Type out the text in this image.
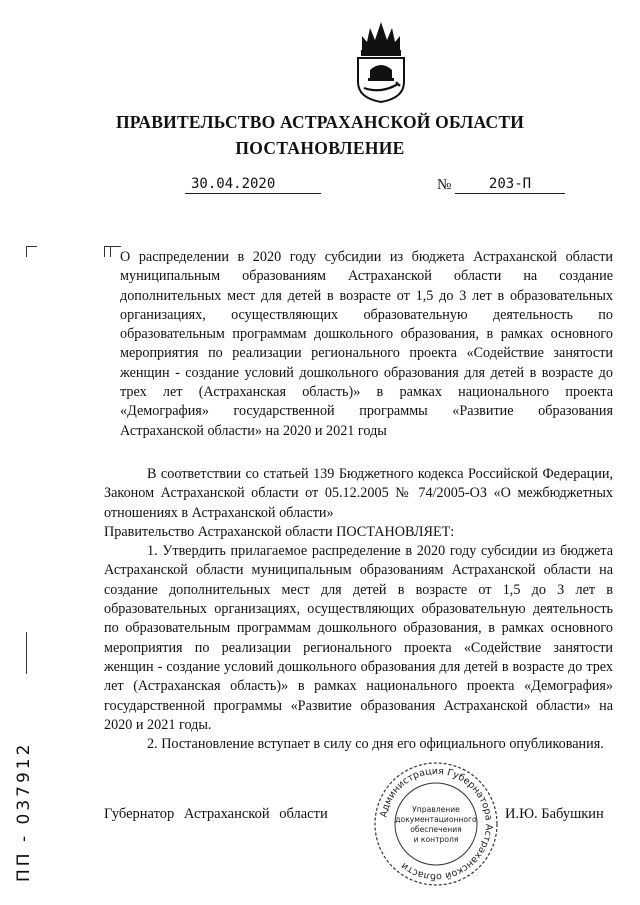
ПРАВИТЕЛЬСТВО АСТРАХАНСКОЙ ОБЛАСТИ
ПОСТАНОВЛЕНИЕ
30.04.2020	№	203-П
О распределении в 2020 году субсидии из бюджета Астраханской области муниципальным образованиям Астраханской области на создание дополнительных мест для детей в возрасте от 1,5 до 3 лет в образовательных организациях, осуществляющих образовательную деятельность по образовательным программам дошкольного образования, в рамках основного мероприятия по реализации регионального проекта «Содействие занятости женщин - создание условий дошкольного образования для детей в возрасте до трех лет (Астраханская область)» в рамках национального проекта «Демография» государственной программы «Развитие образования Астраханской области» на 2020 и 2021 годы

В соответствии со статьей 139 Бюджетного кодекса Российской Федерации, Законом Астраханской области от 05.12.2005 № 74/2005-ОЗ «О межбюджетных отношениях в Астраханской области»

Правительство Астраханской области ПОСТАНОВЛЯЕТ:

1. Утвердить прилагаемое распределение в 2020 году субсидии из бюджета Астраханской области муниципальным образованиям Астраханской области на создание дополнительных мест для детей в возрасте от 1,5 до 3 лет в образовательных организациях, осуществляющих образовательную деятельность по образовательным программам дошкольного образования, в рамках основного мероприятия по реализации регионального проекта «Содействие занятости женщин - создание условий дошкольного образования для детей в возрасте до трех лет (Астраханская область)» в рамках национального проекта «Демография» государственной программы «Развитие образования Астраханской области» на 2020 и 2021 годы.

2. Постановление вступает в силу со дня его официального опубликования.

Губернатор Астраханской области	И.Ю. Бабушкин
Администрация Губернатора Астраханской области
Управление
документационного
обеспечения
и контроля
ПП - 037912
